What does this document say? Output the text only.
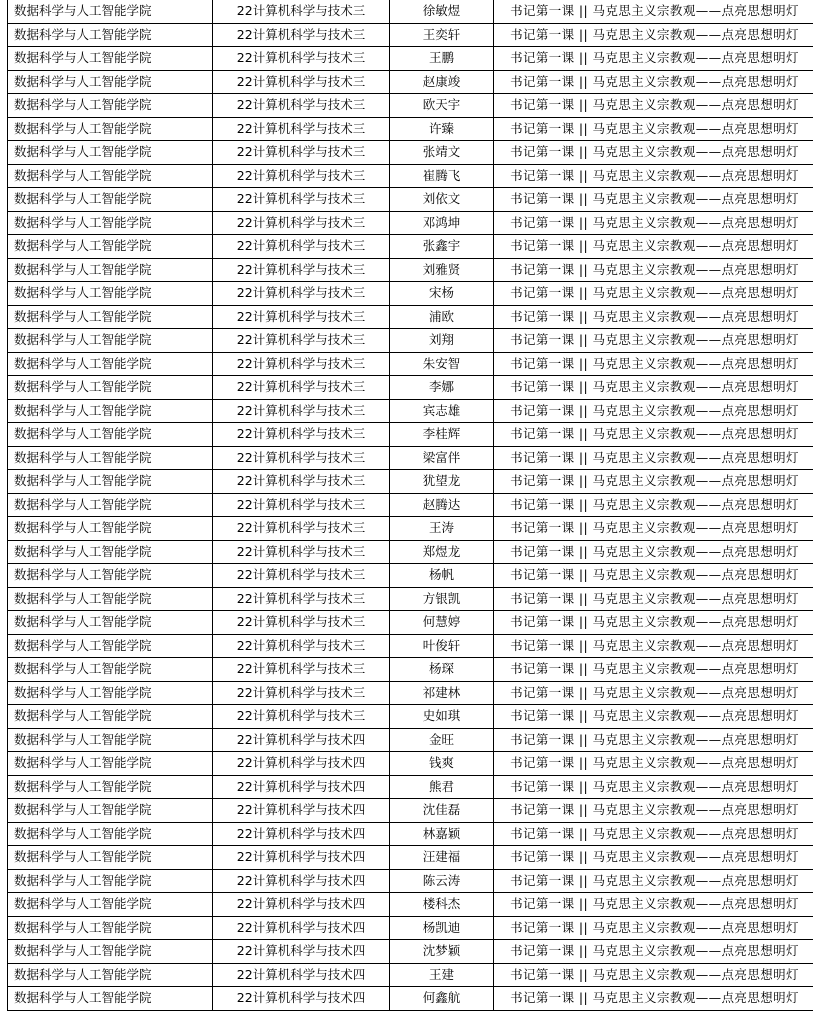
数据科学与人工智能学院	22计算机科学与技术三	徐敏煜	书记第一课 || 马克思主义宗教观——点亮思想明灯
数据科学与人工智能学院	22计算机科学与技术三	王奕轩	书记第一课 || 马克思主义宗教观——点亮思想明灯
数据科学与人工智能学院	22计算机科学与技术三	王鹏	书记第一课 || 马克思主义宗教观——点亮思想明灯
数据科学与人工智能学院	22计算机科学与技术三	赵康竣	书记第一课 || 马克思主义宗教观——点亮思想明灯
数据科学与人工智能学院	22计算机科学与技术三	欧天宇	书记第一课 || 马克思主义宗教观——点亮思想明灯
数据科学与人工智能学院	22计算机科学与技术三	许臻	书记第一课 || 马克思主义宗教观——点亮思想明灯
数据科学与人工智能学院	22计算机科学与技术三	张靖文	书记第一课 || 马克思主义宗教观——点亮思想明灯
数据科学与人工智能学院	22计算机科学与技术三	崔腾飞	书记第一课 || 马克思主义宗教观——点亮思想明灯
数据科学与人工智能学院	22计算机科学与技术三	刘依文	书记第一课 || 马克思主义宗教观——点亮思想明灯
数据科学与人工智能学院	22计算机科学与技术三	邓鸿坤	书记第一课 || 马克思主义宗教观——点亮思想明灯
数据科学与人工智能学院	22计算机科学与技术三	张鑫宇	书记第一课 || 马克思主义宗教观——点亮思想明灯
数据科学与人工智能学院	22计算机科学与技术三	刘雅贤	书记第一课 || 马克思主义宗教观——点亮思想明灯
数据科学与人工智能学院	22计算机科学与技术三	宋杨	书记第一课 || 马克思主义宗教观——点亮思想明灯
数据科学与人工智能学院	22计算机科学与技术三	浦欧	书记第一课 || 马克思主义宗教观——点亮思想明灯
数据科学与人工智能学院	22计算机科学与技术三	刘翔	书记第一课 || 马克思主义宗教观——点亮思想明灯
数据科学与人工智能学院	22计算机科学与技术三	朱安智	书记第一课 || 马克思主义宗教观——点亮思想明灯
数据科学与人工智能学院	22计算机科学与技术三	李娜	书记第一课 || 马克思主义宗教观——点亮思想明灯
数据科学与人工智能学院	22计算机科学与技术三	宾志雄	书记第一课 || 马克思主义宗教观——点亮思想明灯
数据科学与人工智能学院	22计算机科学与技术三	李桂辉	书记第一课 || 马克思主义宗教观——点亮思想明灯
数据科学与人工智能学院	22计算机科学与技术三	梁富伴	书记第一课 || 马克思主义宗教观——点亮思想明灯
数据科学与人工智能学院	22计算机科学与技术三	犹望龙	书记第一课 || 马克思主义宗教观——点亮思想明灯
数据科学与人工智能学院	22计算机科学与技术三	赵腾达	书记第一课 || 马克思主义宗教观——点亮思想明灯
数据科学与人工智能学院	22计算机科学与技术三	王涛	书记第一课 || 马克思主义宗教观——点亮思想明灯
数据科学与人工智能学院	22计算机科学与技术三	郑煜龙	书记第一课 || 马克思主义宗教观——点亮思想明灯
数据科学与人工智能学院	22计算机科学与技术三	杨帆	书记第一课 || 马克思主义宗教观——点亮思想明灯
数据科学与人工智能学院	22计算机科学与技术三	方银凯	书记第一课 || 马克思主义宗教观——点亮思想明灯
数据科学与人工智能学院	22计算机科学与技术三	何慧婷	书记第一课 || 马克思主义宗教观——点亮思想明灯
数据科学与人工智能学院	22计算机科学与技术三	叶俊轩	书记第一课 || 马克思主义宗教观——点亮思想明灯
数据科学与人工智能学院	22计算机科学与技术三	杨琛	书记第一课 || 马克思主义宗教观——点亮思想明灯
数据科学与人工智能学院	22计算机科学与技术三	祁建林	书记第一课 || 马克思主义宗教观——点亮思想明灯
数据科学与人工智能学院	22计算机科学与技术三	史如琪	书记第一课 || 马克思主义宗教观——点亮思想明灯
数据科学与人工智能学院	22计算机科学与技术四	金旺	书记第一课 || 马克思主义宗教观——点亮思想明灯
数据科学与人工智能学院	22计算机科学与技术四	钱爽	书记第一课 || 马克思主义宗教观——点亮思想明灯
数据科学与人工智能学院	22计算机科学与技术四	熊君	书记第一课 || 马克思主义宗教观——点亮思想明灯
数据科学与人工智能学院	22计算机科学与技术四	沈佳磊	书记第一课 || 马克思主义宗教观——点亮思想明灯
数据科学与人工智能学院	22计算机科学与技术四	林嘉颖	书记第一课 || 马克思主义宗教观——点亮思想明灯
数据科学与人工智能学院	22计算机科学与技术四	汪建福	书记第一课 || 马克思主义宗教观——点亮思想明灯
数据科学与人工智能学院	22计算机科学与技术四	陈云涛	书记第一课 || 马克思主义宗教观——点亮思想明灯
数据科学与人工智能学院	22计算机科学与技术四	楼科杰	书记第一课 || 马克思主义宗教观——点亮思想明灯
数据科学与人工智能学院	22计算机科学与技术四	杨凯迪	书记第一课 || 马克思主义宗教观——点亮思想明灯
数据科学与人工智能学院	22计算机科学与技术四	沈梦颖	书记第一课 || 马克思主义宗教观——点亮思想明灯
数据科学与人工智能学院	22计算机科学与技术四	王建	书记第一课 || 马克思主义宗教观——点亮思想明灯
数据科学与人工智能学院	22计算机科学与技术四	何鑫航	书记第一课 || 马克思主义宗教观——点亮思想明灯
